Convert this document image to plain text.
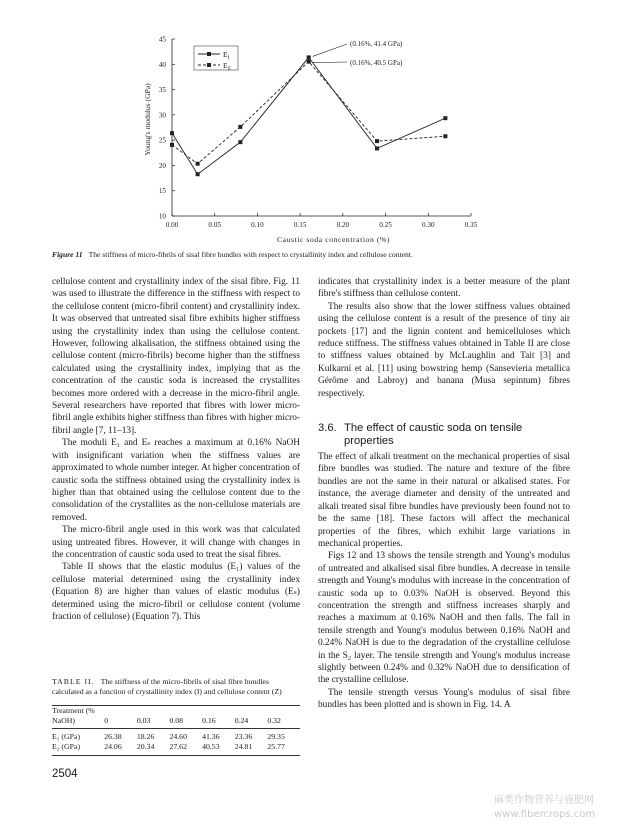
0.00	0.05	0.10	0.15	0.20	0.25	0.30	0.35
10
15
20
25
30
35
40
45
Caustic soda concentration (%)
Young's modulus (GPa)
$E_I$
$E_Z$
(0.16%, 41.4 GPa)
(0.16%, 40.5 GPa)
Figure 11 The stiffness of micro-fibrils of sisal fibre bundles with respect to crystallinity index and cellulose content.

cellulose content and crystallinity index of the sisal fibre. Fig. 11 was used to illustrate the difference in the stiffness with respect to the cellulose content (micro-fibril content) and crystallinity index. It was observed that untreated sisal fibre exhibits higher stiffness using the crystallinity index than using the cellulose content. However, following alkalisation, the stiffness obtained using the cellulose content (micro-fibrils) become higher than the stiffness calculated using the crystallinity index, implying that as the concentration of the caustic soda is increased the crystallites becomes more ordered with a decrease in the micro-fibril angle. Several researchers have reported that fibres with lower micro-fibril angle exhibits higher stiffness than fibres with higher micro-fibril angle [7, 11–13].

The moduli E₁ and Eₛ reaches a maximum at 0.16% NaOH with insignificant variation when the stiffness values are approximated to whole number integer. At higher concentration of caustic soda the stiffness obtained using the crystallinity index is higher than that obtained using the cellulose content due to the consolidation of the crystallites as the non-cellulose materials are removed.

The micro-fibril angle used in this work was that calculated using untreated fibres. However, it will change with changes in the concentration of caustic soda used to treat the sisal fibres.

Table II shows that the elastic modulus (E₁) values of the cellulose material determined using the crystallinity index (Equation 8) are higher than values of elastic modulus (Eₛ) determined using the micro-fibril or cellulose content (volume fraction of cellulose) (Equation 7). This

indicates that crystallinity index is a better measure of the plant fibre's stiffness than cellulose content.

The results also show that the lower stiffness values obtained using the cellulose content is a result of the presence of tiny air pockets [17] and the lignin content and hemicelluloses which reduce stiffness. The stiffness values obtained in Table II are close to stiffness values obtained by McLaughlin and Tait [3] and Kulkarni et al. [11] using bowstring hemp (Sansevieria metallica Gérôme and Labroy) and banana (Musa sepintum) fibres respectively.

3.6. The effect of caustic soda on tensile
properties

The effect of alkali treatment on the mechanical properties of sisal fibre bundles was studied. The nature and texture of the fibre bundles are not the same in their natural or alkalised states. For instance, the average diameter and density of the untreated and alkali treated sisal fibre bundles have previously been found not to be the same [18]. These factors will affect the mechanical properties of the fibres, which exhibit large variations in mechanical properties.

Figs 12 and 13 shows the tensile strength and Young's modulus of untreated and alkalised sisal fibre bundles. A decrease in tensile strength and Young's modulus with increase in the concentration of caustic soda up to 0.03% NaOH is observed. Beyond this concentration the strength and stiffness increases sharply and reaches a maximum at 0.16% NaOH and then falls. The fall in tensile strength and Young's modulus between 0.16% NaOH and 0.24% NaOH is due to the degradation of the crystalline cellulose in the S₂ layer. The tensile strength and Young's modulus increase slightly between 0.24% and 0.32% NaOH due to densification of the crystalline cellulose.

The tensile strength versus Young's modulus of sisal fibre bundles has been plotted and is shown in Fig. 14. A

TABLE II. The stiffness of the micro-fibrils of sisal fibre bundles calculated as a function of crystallinity index (I) and cellulose content (Z)
Treatment (%						
NaOH)	0	0.03	0.08	0.16	0.24	0.32
E₁ (GPa)	26.38	18.26	24.60	41.36	23.36	29.35
E₂ (GPa)	24.06	20.34	27.62	40.53	24.81	25.77
2504
麻类作物营养与施肥网
www.fibercrops.com
